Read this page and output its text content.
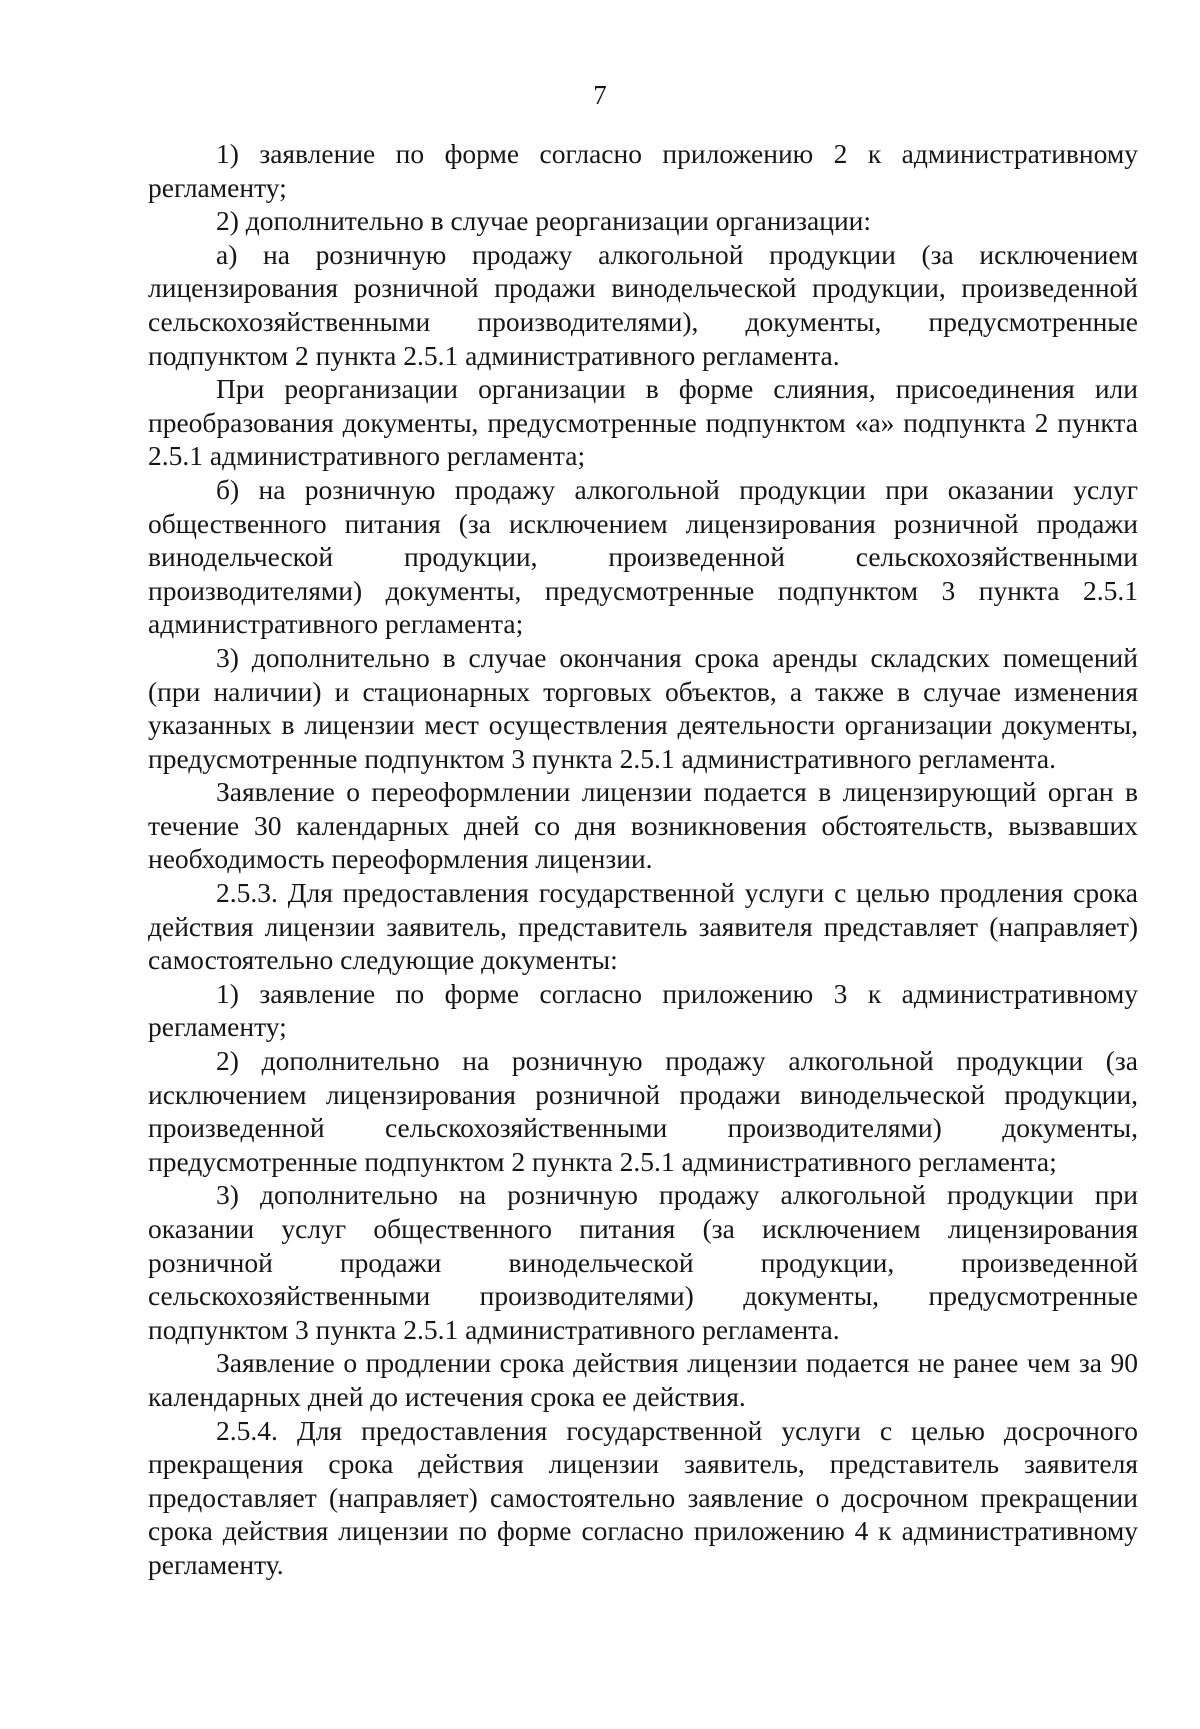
7

1) заявление по форме согласно приложению 2 к административному регламенту;

2) дополнительно в случае реорганизации организации:

а) на розничную продажу алкогольной продукции (за исключением лицензирования розничной продажи винодельческой продукции, произведенной сельскохозяйственными производителями), документы, предусмотренные подпунктом 2 пункта 2.5.1 административного регламента.

При реорганизации организации в форме слияния, присоединения или преобразования документы, предусмотренные подпунктом «а» подпункта 2 пункта 2.5.1 административного регламента;

б) на розничную продажу алкогольной продукции при оказании услуг общественного питания (за исключением лицензирования розничной продажи винодельческой продукции, произведенной сельскохозяйственными производителями) документы, предусмотренные подпунктом 3 пункта 2.5.1 административного регламента;

3) дополнительно в случае окончания срока аренды складских помещений (при наличии) и стационарных торговых объектов, а также в случае изменения указанных в лицензии мест осуществления деятельности организации документы, предусмотренные подпунктом 3 пункта 2.5.1 административного регламента.

Заявление о переоформлении лицензии подается в лицензирующий орган в течение 30 календарных дней со дня возникновения обстоятельств, вызвавших необходимость переоформления лицензии.

2.5.3. Для предоставления государственной услуги с целью продления срока действия лицензии заявитель, представитель заявителя представляет (направляет) самостоятельно следующие документы:

1) заявление по форме согласно приложению 3 к административному регламенту;

2) дополнительно на розничную продажу алкогольной продукции (за исключением лицензирования розничной продажи винодельческой продукции, произведенной сельскохозяйственными производителями) документы, предусмотренные подпунктом 2 пункта 2.5.1 административного регламента;

3) дополнительно на розничную продажу алкогольной продукции при оказании услуг общественного питания (за исключением лицензирования розничной продажи винодельческой продукции, произведенной сельскохозяйственными производителями) документы, предусмотренные подпунктом 3 пункта 2.5.1 административного регламента.

Заявление о продлении срока действия лицензии подается не ранее чем за 90 календарных дней до истечения срока ее действия.

2.5.4. Для предоставления государственной услуги с целью досрочного прекращения срока действия лицензии заявитель, представитель заявителя предоставляет (направляет) самостоятельно заявление о досрочном прекращении срока действия лицензии по форме согласно приложению 4 к административному регламенту.
